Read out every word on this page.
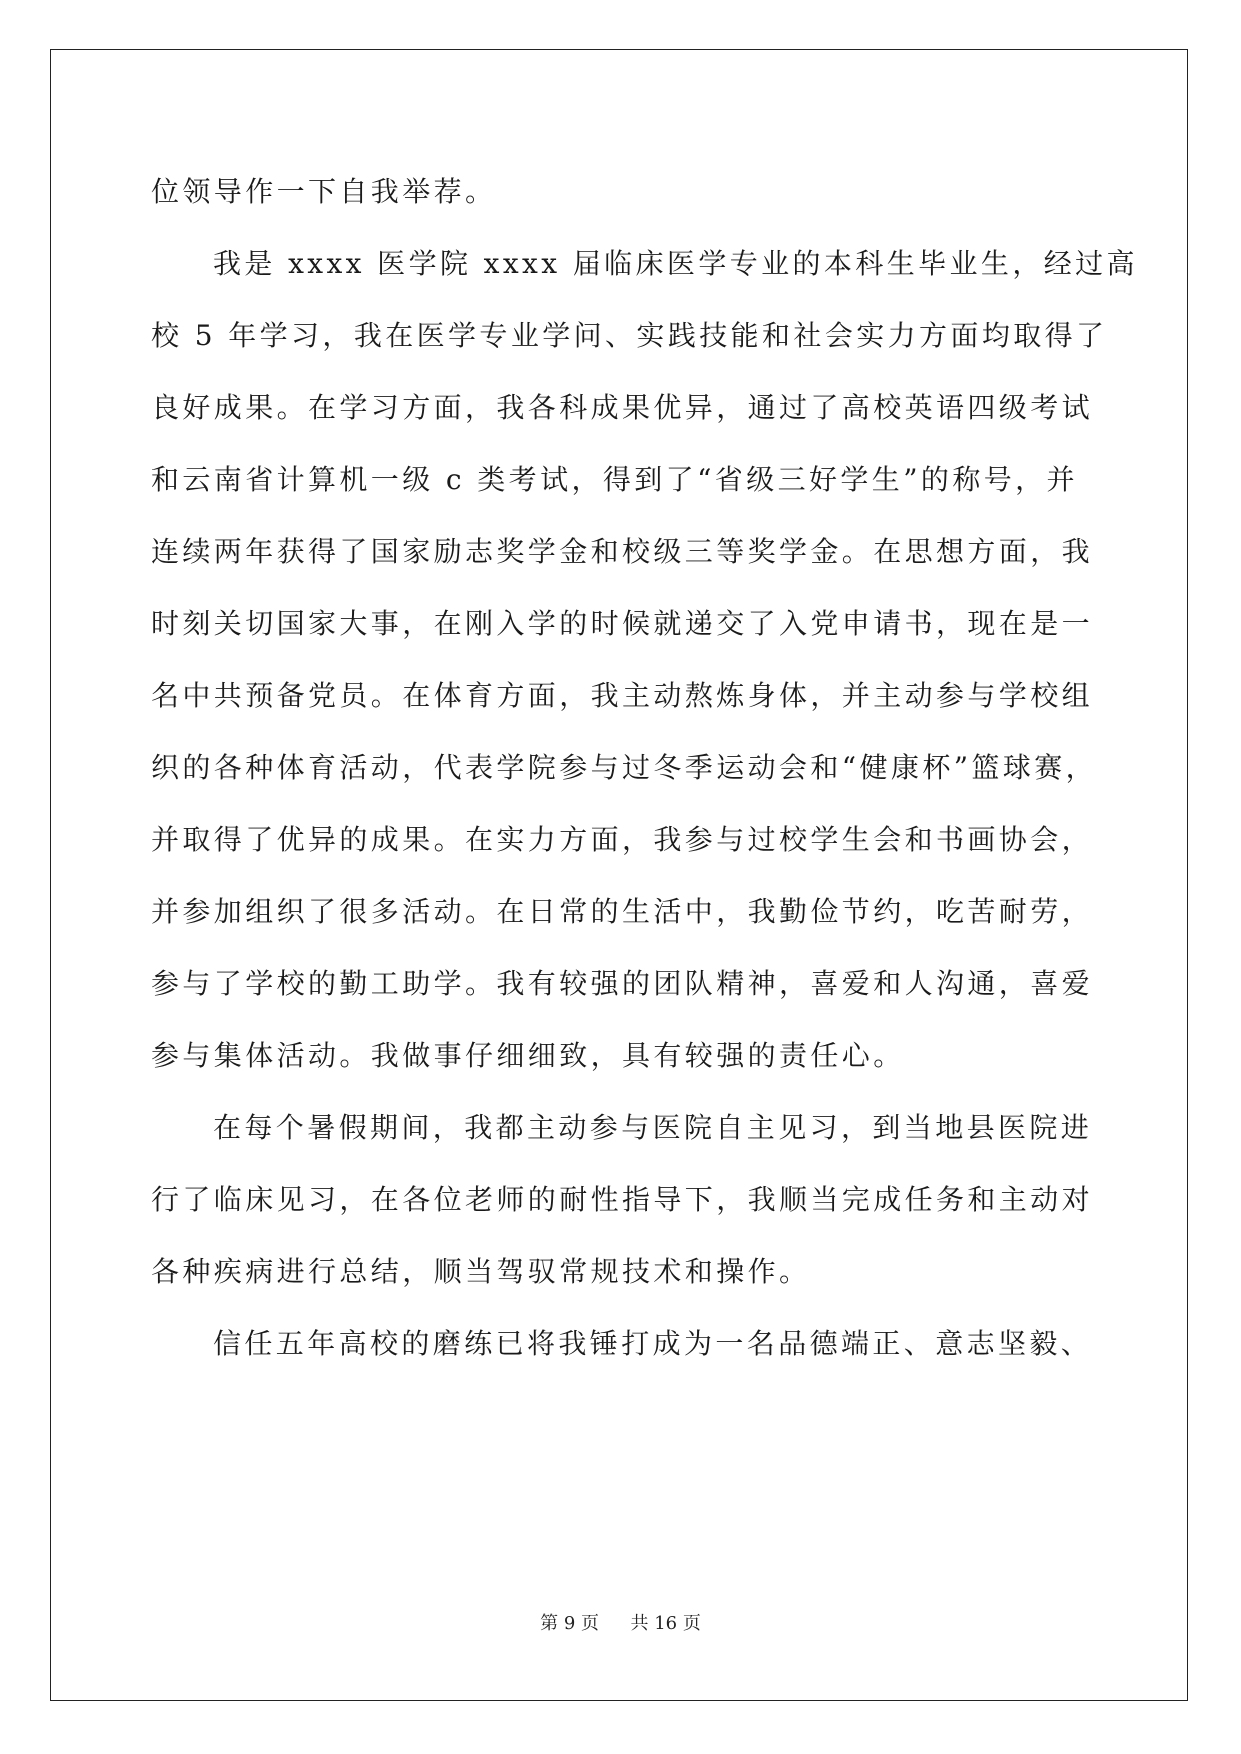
位领导作一下自我举荐。
我是 xxxx 医学院 xxxx 届临床医学专业的本科生毕业生，经过高
校 5 年学习，我在医学专业学问、实践技能和社会实力方面均取得了
良好成果。在学习方面，我各科成果优异，通过了高校英语四级考试
和云南省计算机一级 c 类考试，得到了“省级三好学生”的称号，并
连续两年获得了国家励志奖学金和校级三等奖学金。在思想方面，我
时刻关切国家大事，在刚入学的时候就递交了入党申请书，现在是一
名中共预备党员。在体育方面，我主动熬炼身体，并主动参与学校组
织的各种体育活动，代表学院参与过冬季运动会和“健康杯”篮球赛，
并取得了优异的成果。在实力方面，我参与过校学生会和书画协会，
并参加组织了很多活动。在日常的生活中，我勤俭节约，吃苦耐劳，
参与了学校的勤工助学。我有较强的团队精神，喜爱和人沟通，喜爱
参与集体活动。我做事仔细细致，具有较强的责任心。
在每个暑假期间，我都主动参与医院自主见习，到当地县医院进
行了临床见习，在各位老师的耐性指导下，我顺当完成任务和主动对
各种疾病进行总结，顺当驾驭常规技术和操作。
信任五年高校的磨练已将我锤打成为一名品德端正、意志坚毅、
第 9 页 共 16 页
